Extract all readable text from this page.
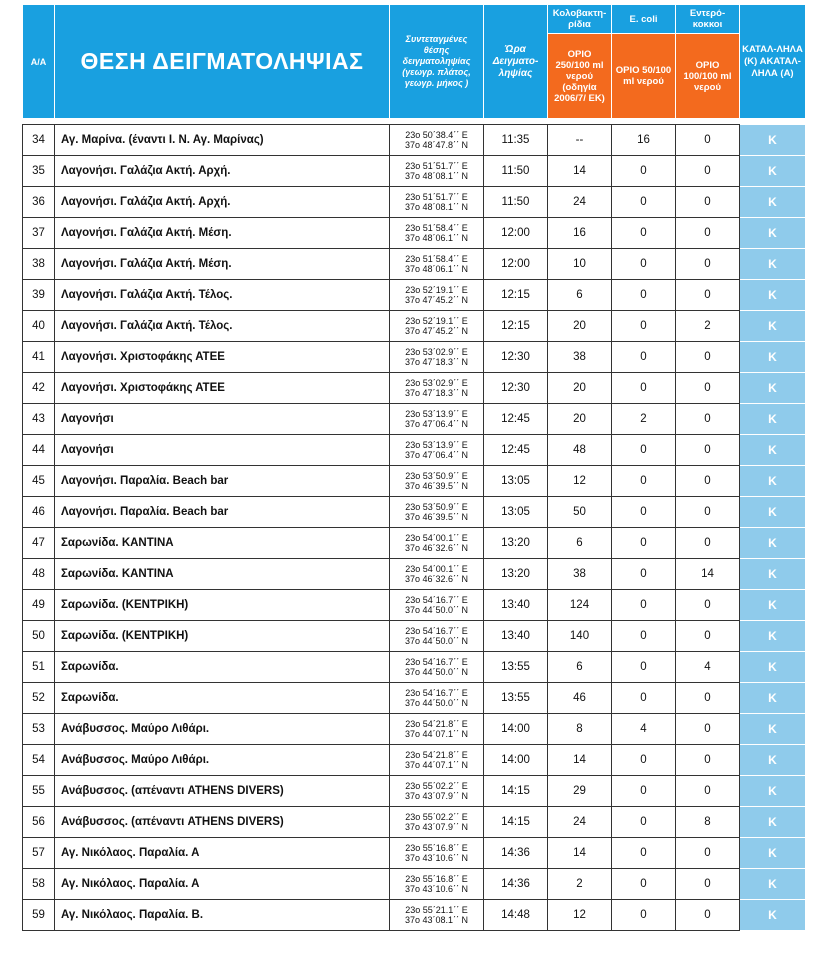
Α/Α	ΘΕΣΗ ΔΕΙΓΜΑΤΟΛΗΨΙΑΣ	Συντεταγμένες θέσης δειγματοληψίας (γεωγρ. πλάτος, γεωγρ. μήκος )	Ώρα Δειγματο-ληψίας	Κολοβακτη-ρίδια	E. coli	Εντερό-κοκκοι	ΚΑΤΑΛ-ΛΗΛΑ (Κ) ΑΚΑΤΑΛ-ΛΗΛΑ (Α)
				ΟΡΙΟ 250/100 ml νερού (οδηγία 2006/7/ ΕΚ)	ΟΡΙΟ 50/100 ml νερού	ΟΡΙΟ 100/100 ml νερού	

34	Αγ. Μαρίνα. (έναντι Ι. Ν. Αγ. Μαρίνας)	23o 50΄38.4΄΄ E
37o 48΄47.8΄΄ N	11:35	--	16	0	Κ
35	Λαγονήσι. Γαλάζια Ακτή. Αρχή.	23o 51΄51.7΄΄ E
37o 48΄08.1΄΄ N	11:50	14	0	0	Κ
36	Λαγονήσι. Γαλάζια Ακτή. Αρχή.	23o 51΄51.7΄΄ E
37o 48΄08.1΄΄ N	11:50	24	0	0	Κ
37	Λαγονήσι. Γαλάζια Ακτή. Μέση.	23o 51΄58.4΄΄ E
37o 48΄06.1΄΄ N	12:00	16	0	0	Κ
38	Λαγονήσι. Γαλάζια Ακτή. Μέση.	23o 51΄58.4΄΄ E
37o 48΄06.1΄΄ N	12:00	10	0	0	Κ
39	Λαγονήσι. Γαλάζια Ακτή. Τέλος.	23o 52΄19.1΄΄ E
37o 47΄45.2΄΄ N	12:15	6	0	0	Κ
40	Λαγονήσι. Γαλάζια Ακτή. Τέλος.	23o 52΄19.1΄΄ E
37o 47΄45.2΄΄ N	12:15	20	0	2	Κ
41	Λαγονήσι. Χριστοφάκης ΑΤΕΕ	23o 53΄02.9΄΄ E
37o 47΄18.3΄΄ N	12:30	38	0	0	Κ
42	Λαγονήσι. Χριστοφάκης ΑΤΕΕ	23o 53΄02.9΄΄ E
37o 47΄18.3΄΄ N	12:30	20	0	0	Κ
43	Λαγονήσι	23o 53΄13.9΄΄ E
37o 47΄06.4΄΄ N	12:45	20	2	0	Κ
44	Λαγονήσι	23o 53΄13.9΄΄ E
37o 47΄06.4΄΄ N	12:45	48	0	0	Κ
45	Λαγονήσι. Παραλία. Beach bar	23o 53΄50.9΄΄ E
37o 46΄39.5΄΄ N	13:05	12	0	0	Κ
46	Λαγονήσι. Παραλία. Beach bar	23o 53΄50.9΄΄ E
37o 46΄39.5΄΄ N	13:05	50	0	0	Κ
47	Σαρωνίδα. ΚΑΝΤΙΝΑ	23o 54΄00.1΄΄ E
37o 46΄32.6΄΄ N	13:20	6	0	0	Κ
48	Σαρωνίδα. ΚΑΝΤΙΝΑ	23o 54΄00.1΄΄ E
37o 46΄32.6΄΄ N	13:20	38	0	14	Κ
49	Σαρωνίδα. (ΚΕΝΤΡΙΚΗ)	23o 54΄16.7΄΄ E
37o 44΄50.0΄΄ N	13:40	124	0	0	Κ
50	Σαρωνίδα. (ΚΕΝΤΡΙΚΗ)	23o 54΄16.7΄΄ E
37o 44΄50.0΄΄ N	13:40	140	0	0	Κ
51	Σαρωνίδα.	23o 54΄16.7΄΄ E
37o 44΄50.0΄΄ N	13:55	6	0	4	Κ
52	Σαρωνίδα.	23o 54΄16.7΄΄ E
37o 44΄50.0΄΄ N	13:55	46	0	0	Κ
53	Ανάβυσσος. Μαύρο Λιθάρι.	23o 54΄21.8΄΄ E
37o 44΄07.1΄΄ N	14:00	8	4	0	Κ
54	Ανάβυσσος. Μαύρο Λιθάρι.	23o 54΄21.8΄΄ E
37o 44΄07.1΄΄ N	14:00	14	0	0	Κ
55	Ανάβυσσος. (απέναντι ATHENS DIVERS)	23o 55΄02.2΄΄ E
37o 43΄07.9΄΄ N	14:15	29	0	0	Κ
56	Ανάβυσσος. (απέναντι ATHENS DIVERS)	23o 55΄02.2΄΄ E
37o 43΄07.9΄΄ N	14:15	24	0	8	Κ
57	Αγ. Νικόλαος. Παραλία. Α	23o 55΄16.8΄΄ E
37o 43΄10.6΄΄ N	14:36	14	0	0	Κ
58	Αγ. Νικόλαος. Παραλία. Α	23o 55΄16.8΄΄ E
37o 43΄10.6΄΄ N	14:36	2	0	0	Κ
59	Αγ. Νικόλαος. Παραλία. Β.	23o 55΄21.1΄΄ E
37o 43΄08.1΄΄ N	14:48	12	0	0	Κ
